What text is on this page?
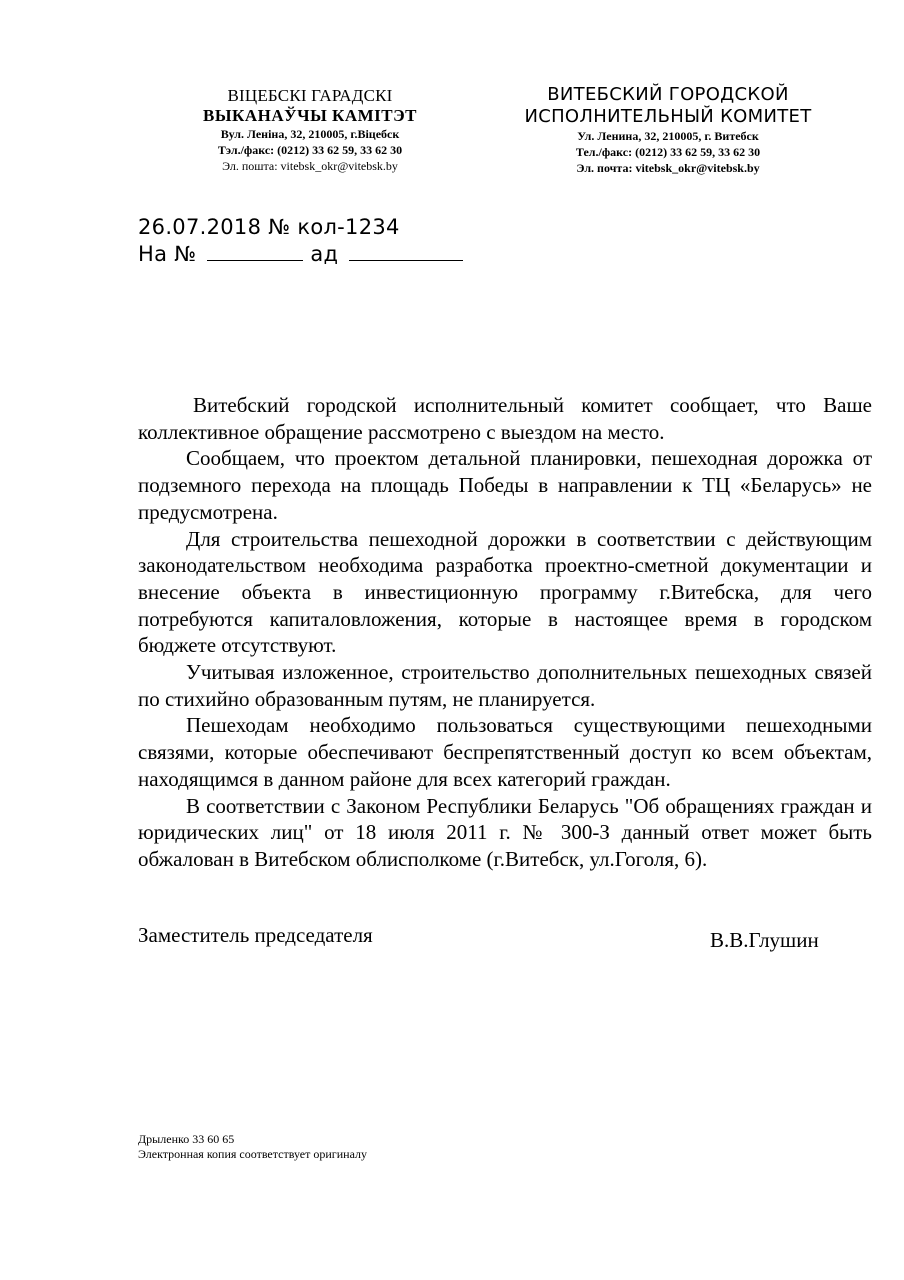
ВІЦЕБСКІ ГАРАДСКІ
ВЫКАНАЎЧЫ КАМІТЭТ
Вул. Леніна, 32, 210005, г.Віцебск
Тэл./факс: (0212) 33 62 59, 33 62 30
Эл. пошта: vitebsk_okr@vitebsk.by
ВИТЕБСКИЙ ГОРОДСКОЙ
ИСПОЛНИТЕЛЬНЫЙ КОМИТЕТ
Ул. Ленина, 32, 210005, г. Витебск
Тел./факс: (0212) 33 62 59, 33 62 30
Эл. почта: vitebsk_okr@vitebsk.by
26.07.2018 № кол-1234
На №	ад

Витебский городской исполнительный комитет сообщает, что Ваше коллективное обращение рассмотрено с выездом на место.

Сообщаем, что проектом детальной планировки, пешеходная дорожка от подземного перехода на площадь Победы в направлении к ТЦ «Беларусь» не предусмотрена.

Для строительства пешеходной дорожки в соответствии с действующим законодательством необходима разработка проектно-сметной документации и внесение объекта в инвестиционную программу г.Витебска, для чего потребуются капиталовложения, которые в настоящее время в городском бюджете отсутствуют.

Учитывая изложенное, строительство дополнительных пешеходных связей по стихийно образованным путям, не планируется.

Пешеходам необходимо пользоваться существующими пешеходными связями, которые обеспечивают беспрепятственный доступ ко всем объектам, находящимся в данном районе для всех категорий граждан.

В соответствии с Законом Республики Беларусь "Об обращениях граждан и юридических лиц" от 18 июля 2011 г. № 300-З данный ответ может быть обжалован в Витебском облисполкоме (г.Витебск, ул.Гоголя, 6).

Заместитель председателя	В.В.Глушин
Дрыленко 33 60 65
Электронная копия соответствует оригиналу
